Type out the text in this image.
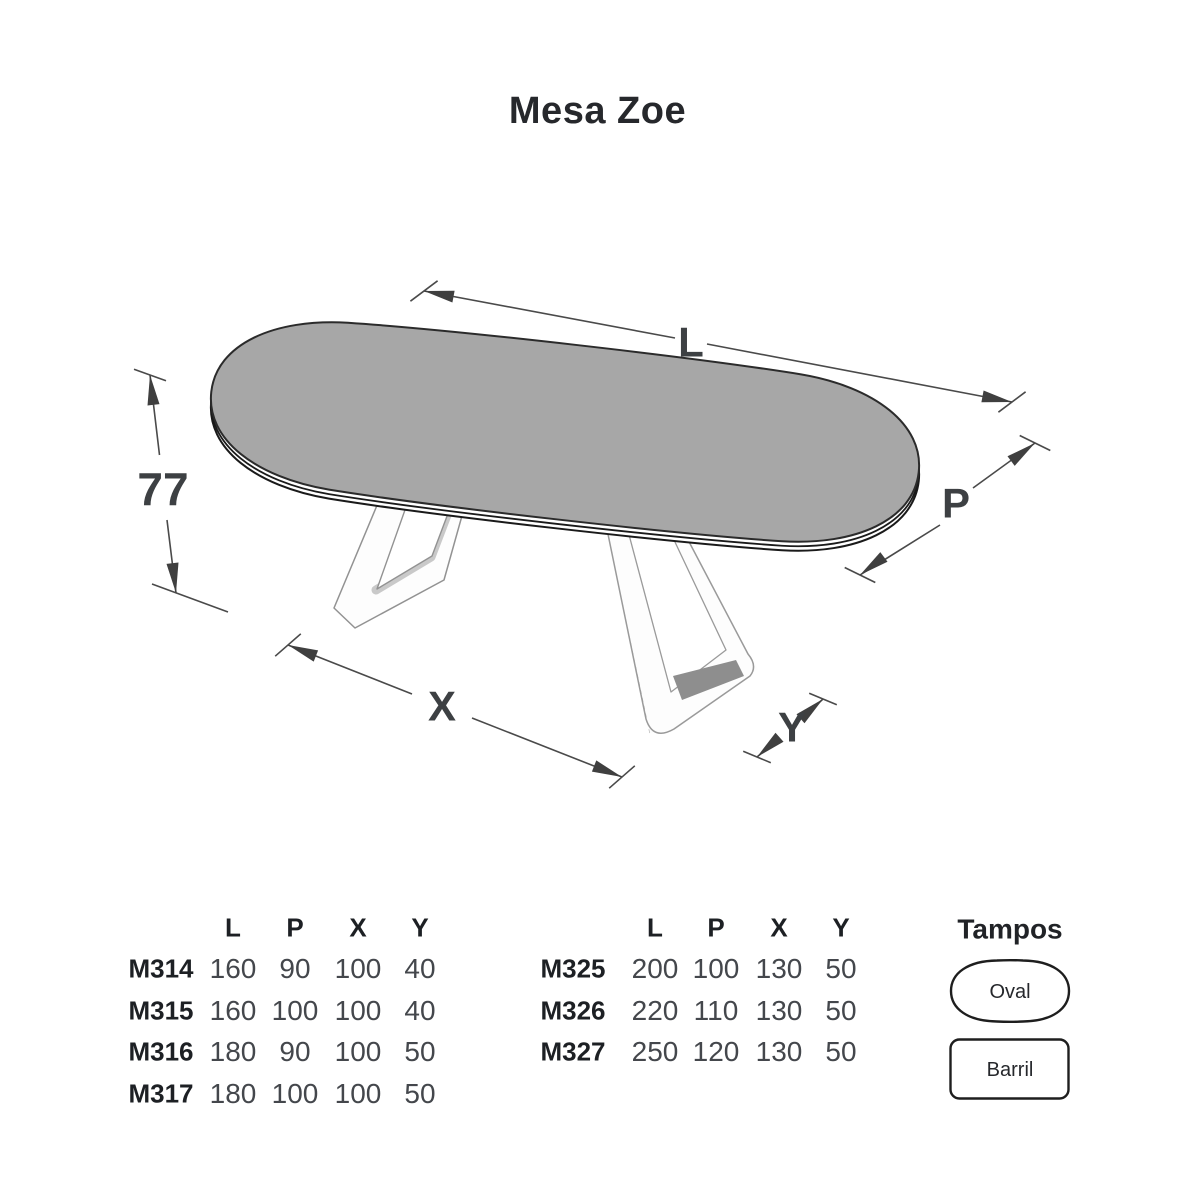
Mesa Zoe
L
P
77
X	Y
Tampos
Oval
Barril
L P X Y
M314 160 90 100 40
M315 160 100 100 40
M316 180 90 100 50
M317 180 100 100 50
L P X Y
M325 200 100 130 50
M326 220 110 130 50
M327 250 120 130 50
